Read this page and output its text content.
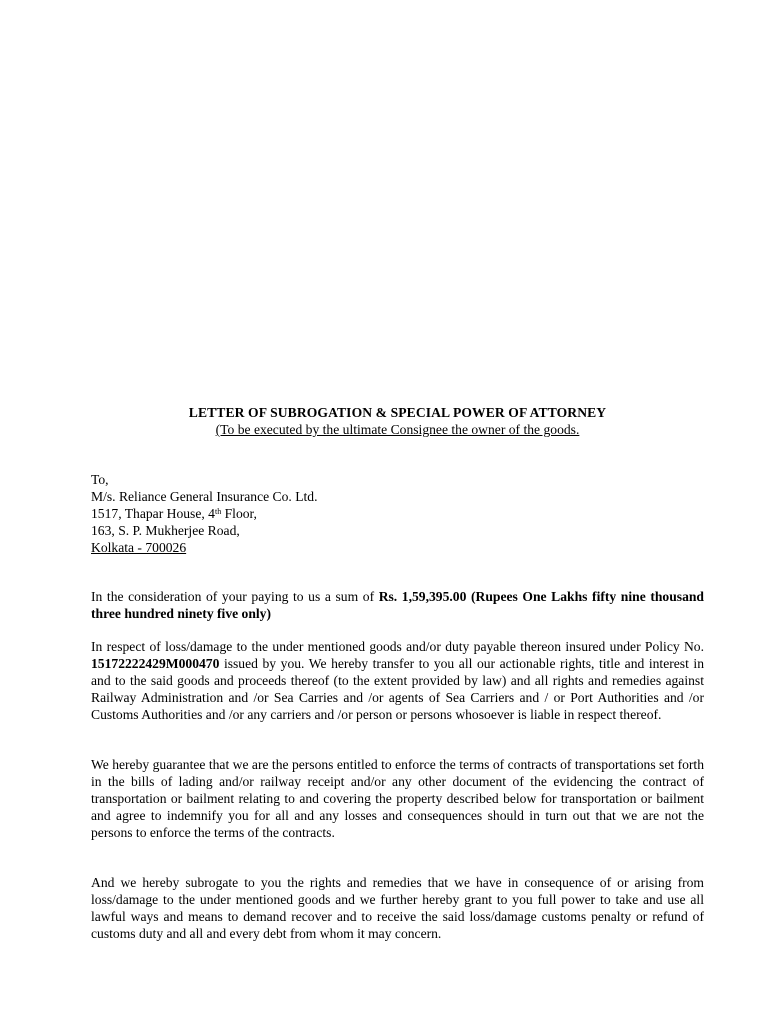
LETTER OF SUBROGATION & SPECIAL POWER OF ATTORNEY
(To be executed by the ultimate Consignee the owner of the goods.
To,
M/s. Reliance General Insurance Co. Ltd.
1517, Thapar House, 4th Floor,
163, S. P. Mukherjee Road,
Kolkata - 700026

In the consideration of your paying to us a sum of Rs. 1,59,395.00 (Rupees One Lakhs fifty nine thousand three hundred ninety five only)

In respect of loss/damage to the under mentioned goods and/or duty payable thereon insured under Policy No. 15172222429M000470 issued by you. We hereby transfer to you all our actionable rights, title and interest in and to the said goods and proceeds thereof (to the extent provided by law) and all rights and remedies against Railway Administration and /or Sea Carries and /or agents of Sea Carriers and / or Port Authorities and /or Customs Authorities and /or any carriers and /or person or persons whosoever is liable in respect thereof.

We hereby guarantee that we are the persons entitled to enforce the terms of contracts of transportations set forth in the bills of lading and/or railway receipt and/or any other document of the evidencing the contract of transportation or bailment relating to and covering the property described below for transportation or bailment and agree to indemnify you for all and any losses and consequences should in turn out that we are not the persons to enforce the terms of the contracts.

And we hereby subrogate to you the rights and remedies that we have in consequence of or arising from loss/damage to the under mentioned goods and we further hereby grant to you full power to take and use all lawful ways and means to demand recover and to receive the said loss/damage customs penalty or refund of customs duty and all and every debt from whom it may concern.
